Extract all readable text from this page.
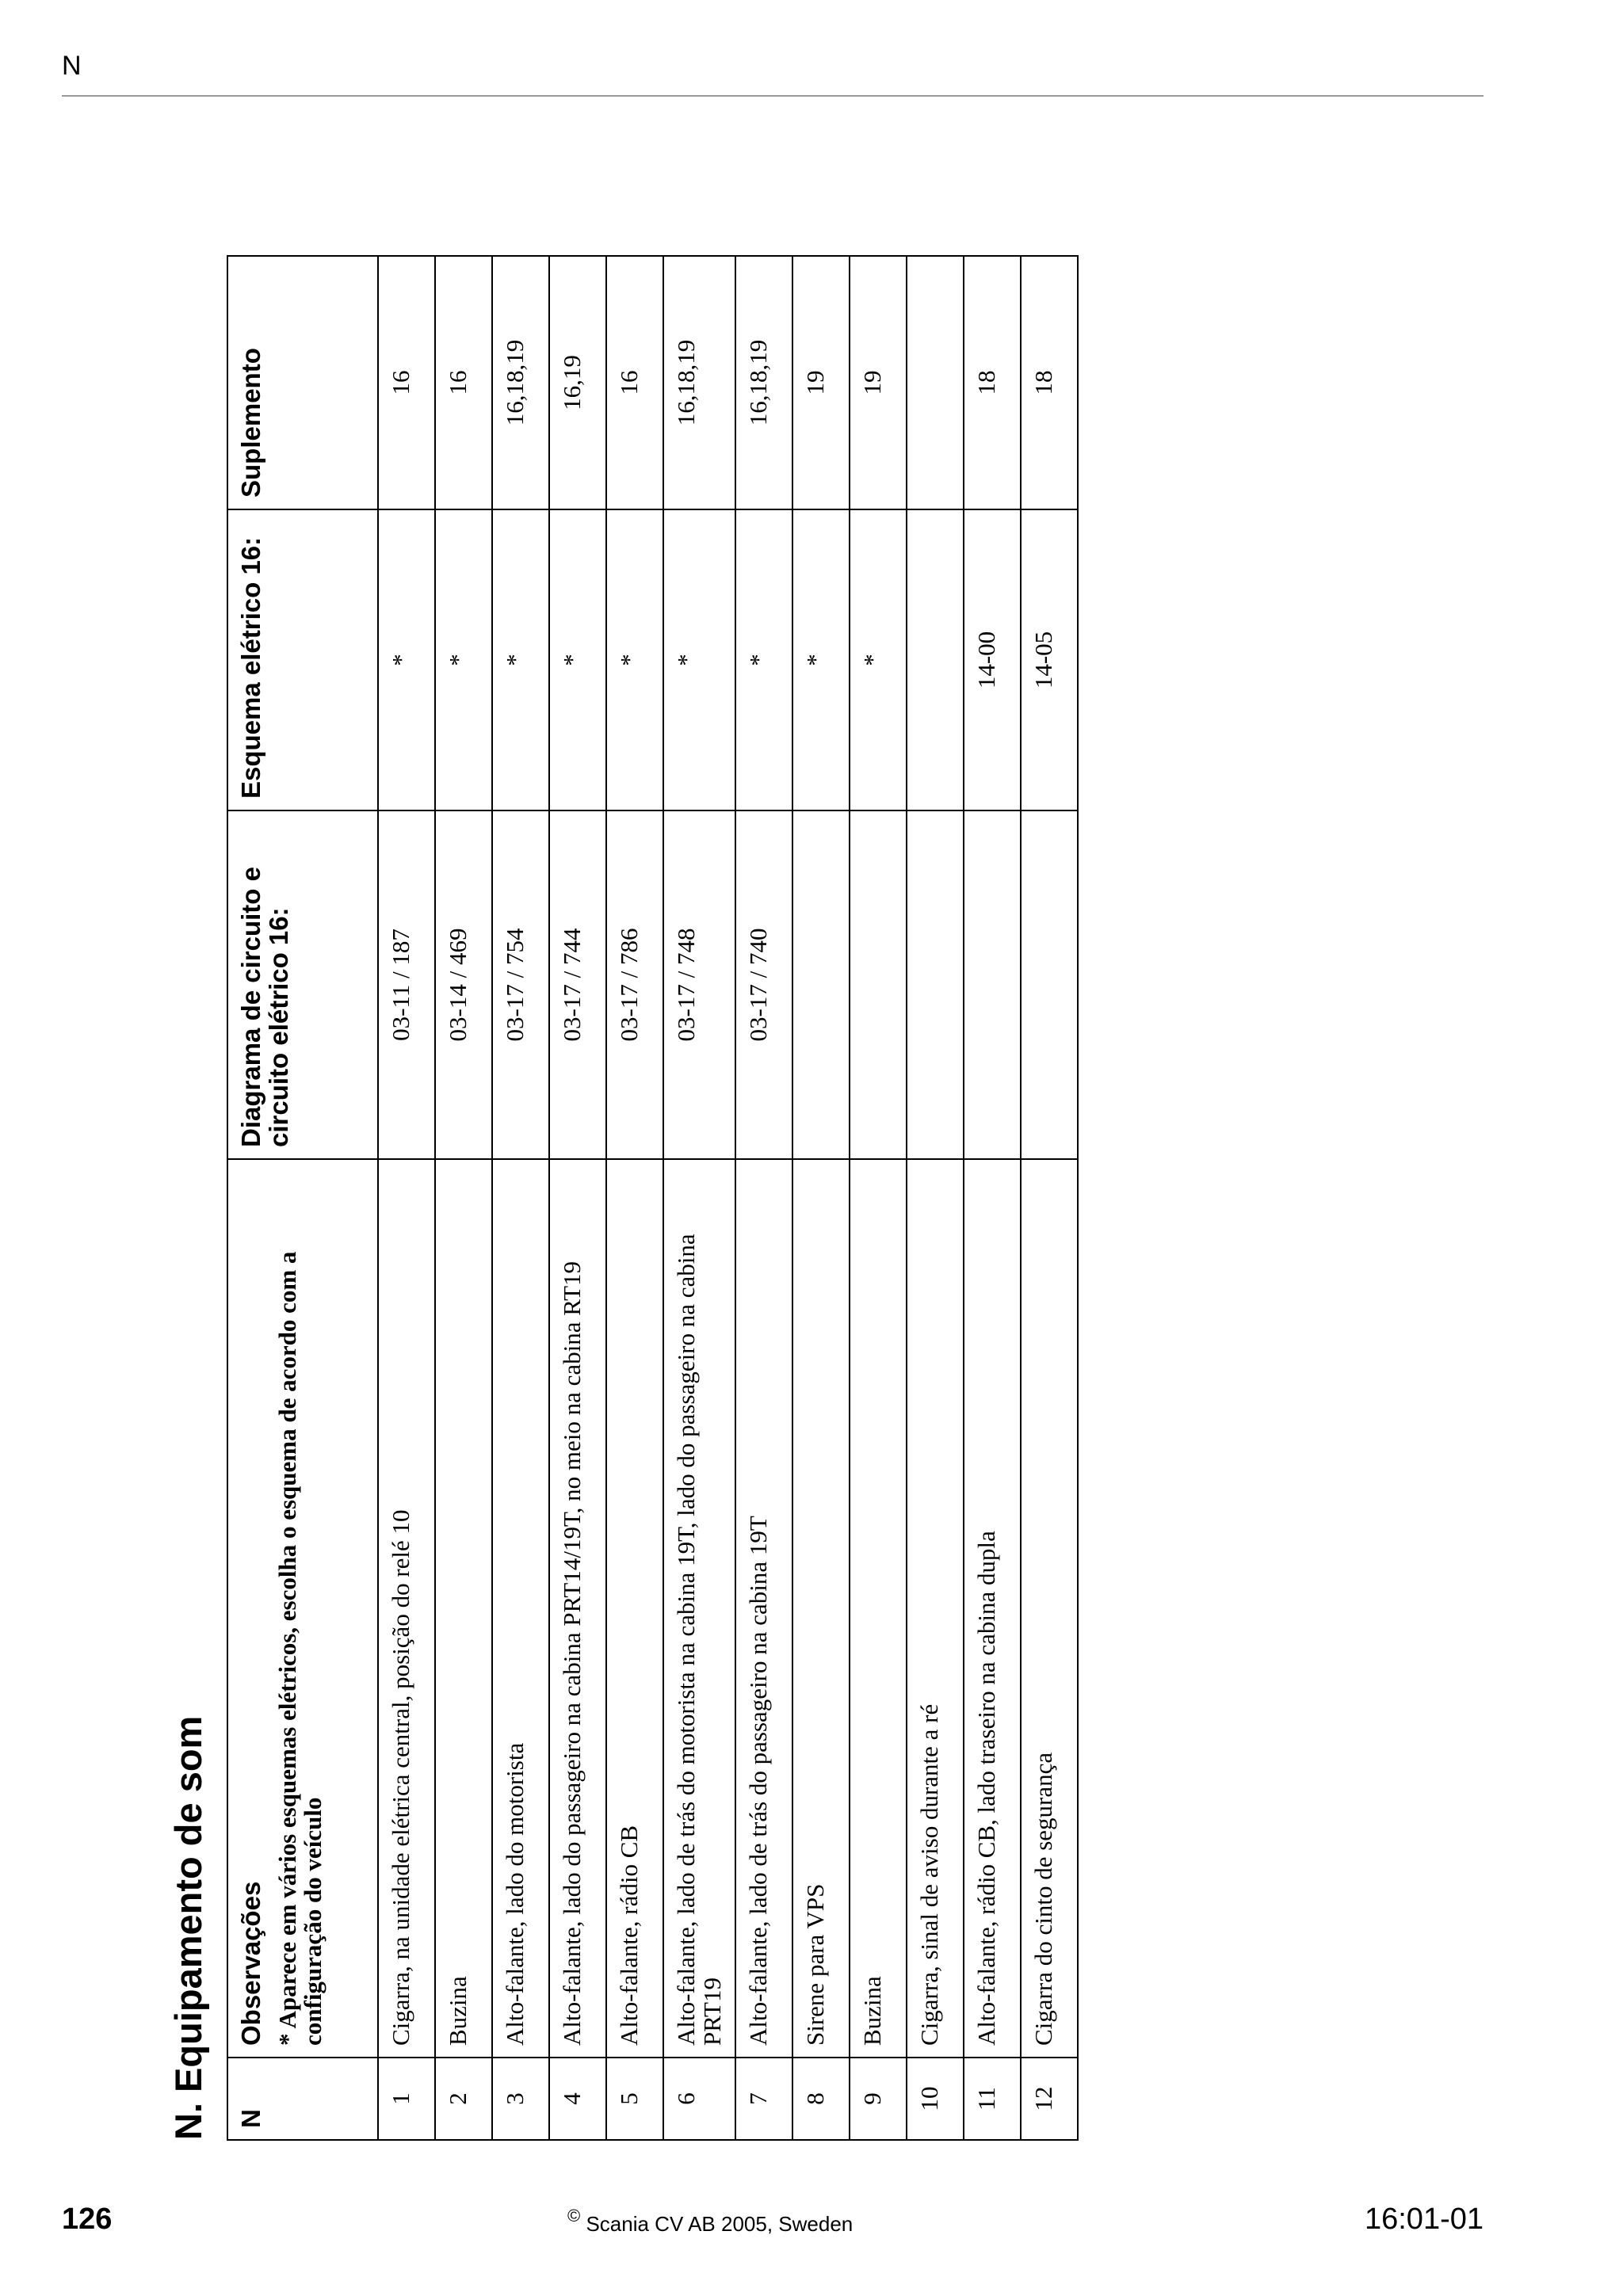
N
N. Equipamento de som N	Observações * Aparece em vários esquemas elétricos, escolha o esquema de acordo com a configuração do veículo	Diagrama de circuito e circuito elétrico 16:	Esquema elétrico 16:	Suplemento
1	Cigarra, na unidade elétrica central, posição do relé 10	03-11 / 187	*	16
2	Buzina	03-14 / 469	*	16
3	Alto-falante, lado do motorista	03-17 / 754	*	16,18,19
4	Alto-falante, lado do passageiro na cabina PRT14/19T, no meio na cabina RT19	03-17 / 744	*	16,19
5	Alto-falante, rádio CB	03-17 / 786	*	16
6	Alto-falante, lado de trás do motorista na cabina 19T, lado do passageiro na cabina PRT19	03-17 / 748	*	16,18,19
7	Alto-falante, lado de trás do passageiro na cabina 19T	03-17 / 740	*	16,18,19
8	Sirene para VPS		*	19
9	Buzina		*	19
10	Cigarra, sinal de aviso durante a ré			
11	Alto-falante, rádio CB, lado traseiro na cabina dupla		14-00	18
12	Cigarra do cinto de segurança		14-05	18
126	© Scania CV AB 2005, Sweden	16:01-01
